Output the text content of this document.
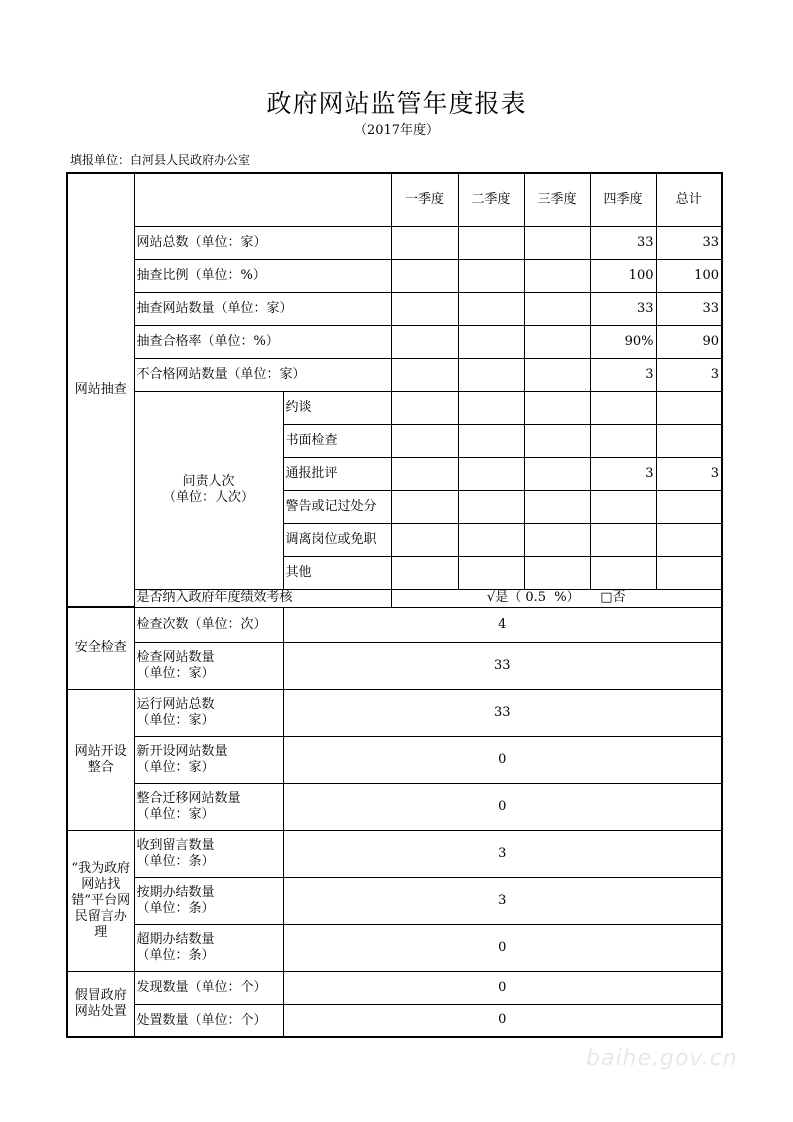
政府网站监管年度报表
（2017年度）
填报单位：白河县人民政府办公室
网站抽查			一季度	二季度	三季度	四季度	总计
	网站总数（单位：家）					33	33
	抽查比例（单位：%）					100	100
	抽查网站数量（单位：家）					33	33
	抽查合格率（单位：%）					90%	90
	不合格网站数量（单位：家）					3	3

	问责人次
（单位：人次）	约谈					
		书面检查					
		通报批评				3	3
		警告或记过处分					
		调离岗位或免职					
		其他					
	是否纳入政府年度绩效考核		√是（ 0.5  %）     □否				
安全检查	检查次数（单位：次）	4					
	检查网站数量
（单位：家）	33					
网站开设整合	运行网站总数
（单位：家）	33					
	新开设网站数量
（单位：家）	0					
	整合迁移网站数量
（单位：家）	0					
“我为政府网站找错”平台网民留言办理	收到留言数量
（单位：条）	3					
	按期办结数量
（单位：条）	3					
	超期办结数量
（单位：条）	0					
假冒政府网站处置	发现数量（单位：个）	0					
	处置数量（单位：个）	0					
baihe.gov.cn
